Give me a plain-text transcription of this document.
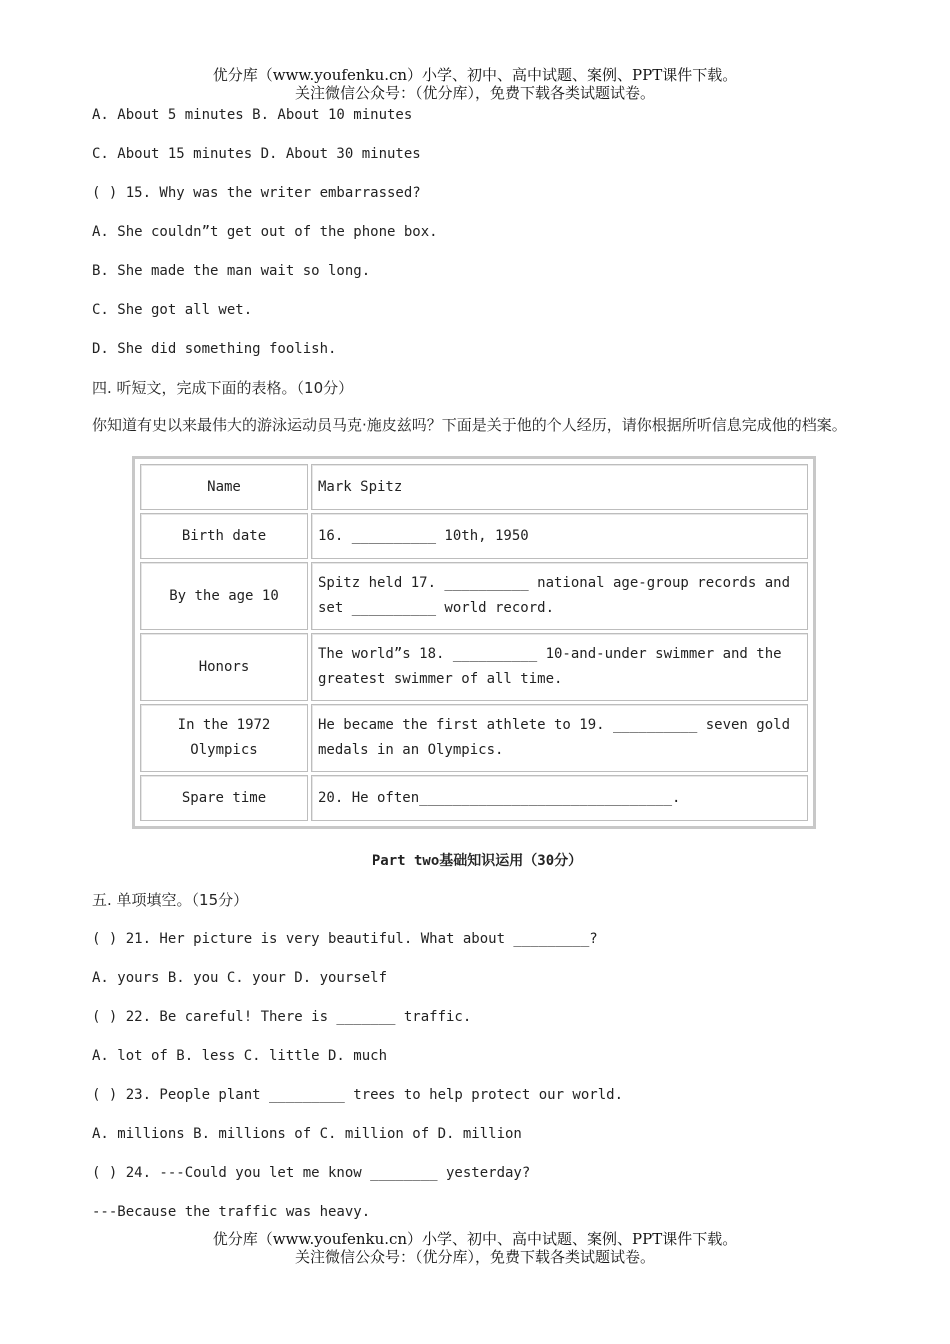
优分库（www.youfenku.cn）小学、初中、高中试题、案例、PPT课件下载。
关注微信公众号：（优分库），免费下载各类试题试卷。
A. About 5 minutes B. About 10 minutes
C. About 15 minutes D. About 30 minutes
( ) 15. Why was the writer embarrassed?
A. She couldn”t get out of the phone box.
B. She made the man wait so long.
C. She got all wet.
D. She did something foolish.
四. 听短文，完成下面的表格。（10分）
你知道有史以来最伟大的游泳运动员马克·施皮兹吗？下面是关于他的个人经历，请你根据所听信息完成他的档案。
Name	Mark Spitz
Birth date	16. __________ 10th, 1950
By the age 10	Spitz held 17. __________ national age-group records and set __________ world record.
Honors	The world”s 18. __________ 10-and-under swimmer and the greatest swimmer of all time.
In the 1972 Olympics	He became the first athlete to 19. __________ seven gold medals in an Olympics.
Spare time	20. He often______________________________.
Part two基础知识运用（30分）
五. 单项填空。（15分）
( ) 21. Her picture is very beautiful. What about _________?
A. yours B. you C. your D. yourself
( ) 22. Be careful! There is _______ traffic.
A. lot of B. less C. little D. much
( ) 23. People plant _________ trees to help protect our world.
A. millions B. millions of C. million of D. million
( ) 24. ---Could you let me know ________ yesterday?
---Because the traffic was heavy.
优分库（www.youfenku.cn）小学、初中、高中试题、案例、PPT课件下载。
关注微信公众号：（优分库），免费下载各类试题试卷。
